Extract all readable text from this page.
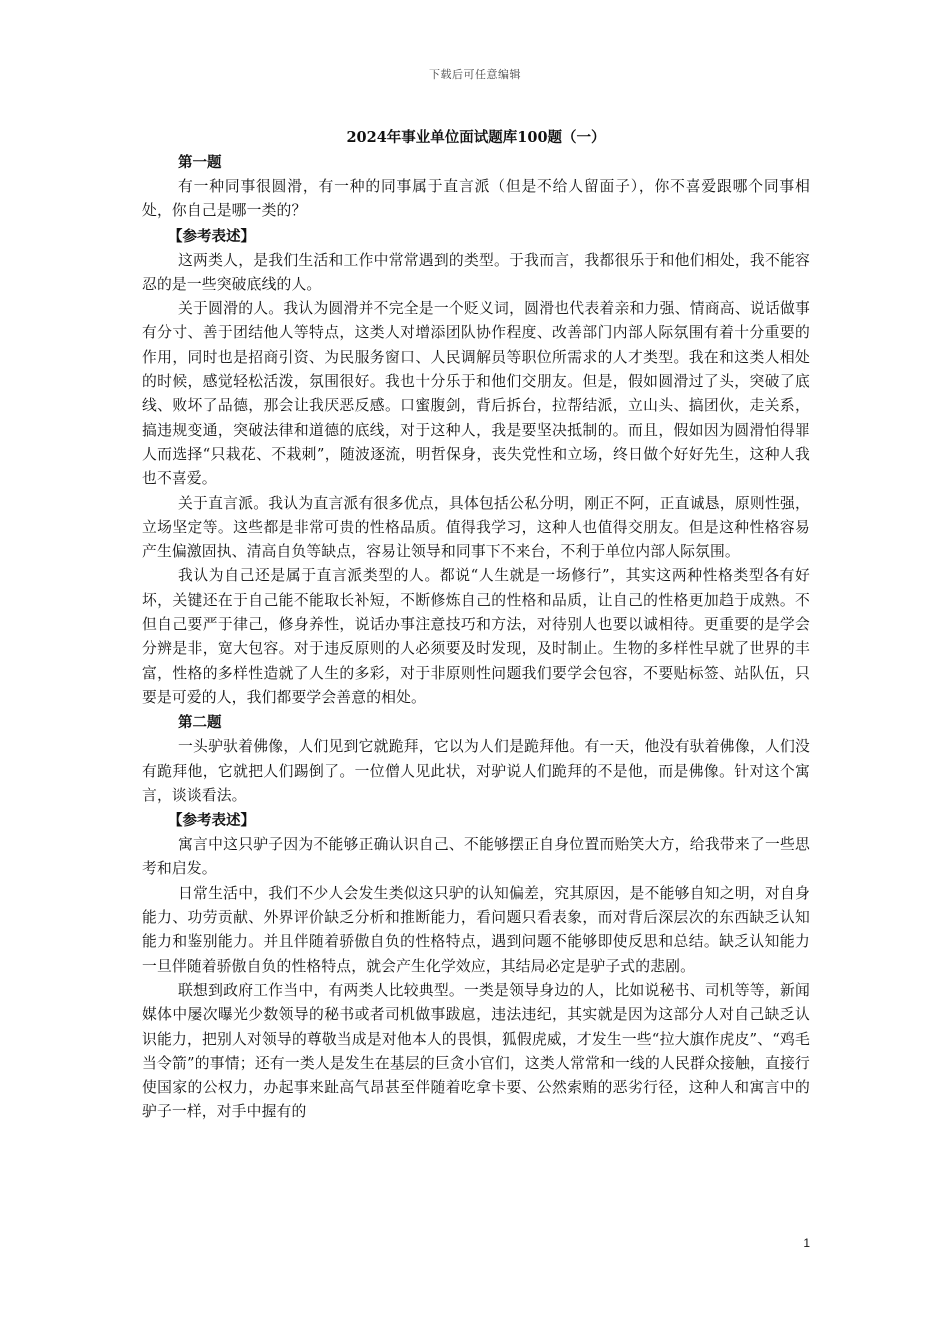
下载后可任意编辑

2024年事业单位面试题库100题（一）

第一题

有一种同事很圆滑，有一种的同事属于直言派（但是不给人留面子），你不喜爱跟哪个同事相处，你自己是哪一类的？

【参考表述】

这两类人，是我们生活和工作中常常遇到的类型。于我而言，我都很乐于和他们相处，我不能容忍的是一些突破底线的人。

关于圆滑的人。我认为圆滑并不完全是一个贬义词，圆滑也代表着亲和力强、情商高、说话做事有分寸、善于团结他人等特点，这类人对增添团队协作程度、改善部门内部人际氛围有着十分重要的作用，同时也是招商引资、为民服务窗口、人民调解员等职位所需求的人才类型。我在和这类人相处的时候，感觉轻松活泼，氛围很好。我也十分乐于和他们交朋友。但是，假如圆滑过了头，突破了底线、败坏了品德，那会让我厌恶反感。口蜜腹剑，背后拆台，拉帮结派，立山头、搞团伙，走关系，搞违规变通，突破法律和道德的底线，对于这种人，我是要坚决抵制的。而且，假如因为圆滑怕得罪人而选择“只栽花、不栽刺”，随波逐流，明哲保身，丧失党性和立场，终日做个好好先生，这种人我也不喜爱。

关于直言派。我认为直言派有很多优点，具体包括公私分明，刚正不阿，正直诚恳，原则性强，立场坚定等。这些都是非常可贵的性格品质。值得我学习，这种人也值得交朋友。但是这种性格容易产生偏激固执、清高自负等缺点，容易让领导和同事下不来台，不利于单位内部人际氛围。

我认为自己还是属于直言派类型的人。都说“人生就是一场修行”，其实这两种性格类型各有好坏，关键还在于自己能不能取长补短，不断修炼自己的性格和品质，让自己的性格更加趋于成熟。不但自己要严于律己，修身养性，说话办事注意技巧和方法，对待别人也要以诚相待。更重要的是学会分辨是非，宽大包容。对于违反原则的人必须要及时发现，及时制止。生物的多样性早就了世界的丰富，性格的多样性造就了人生的多彩，对于非原则性问题我们要学会包容，不要贴标签、站队伍，只要是可爱的人，我们都要学会善意的相处。

第二题

一头驴驮着佛像，人们见到它就跪拜，它以为人们是跪拜他。有一天，他没有驮着佛像，人们没有跪拜他，它就把人们踢倒了。一位僧人见此状，对驴说人们跪拜的不是他，而是佛像。针对这个寓言，谈谈看法。

【参考表述】

寓言中这只驴子因为不能够正确认识自己、不能够摆正自身位置而贻笑大方，给我带来了一些思考和启发。

日常生活中，我们不少人会发生类似这只驴的认知偏差，究其原因，是不能够自知之明，对自身能力、功劳贡献、外界评价缺乏分析和推断能力，看问题只看表象，而对背后深层次的东西缺乏认知能力和鉴别能力。并且伴随着骄傲自负的性格特点，遇到问题不能够即使反思和总结。缺乏认知能力一旦伴随着骄傲自负的性格特点，就会产生化学效应，其结局必定是驴子式的悲剧。

联想到政府工作当中，有两类人比较典型。一类是领导身边的人，比如说秘书、司机等等，新闻媒体中屡次曝光少数领导的秘书或者司机做事跋扈，违法违纪，其实就是因为这部分人对自己缺乏认识能力，把别人对领导的尊敬当成是对他本人的畏惧，狐假虎威，才发生一些“拉大旗作虎皮”、“鸡毛当令箭”的事情；还有一类人是发生在基层的巨贪小官们，这类人常常和一线的人民群众接触，直接行使国家的公权力，办起事来趾高气昂甚至伴随着吃拿卡要、公然索贿的恶劣行径，这种人和寓言中的驴子一样，对手中握有的

1
